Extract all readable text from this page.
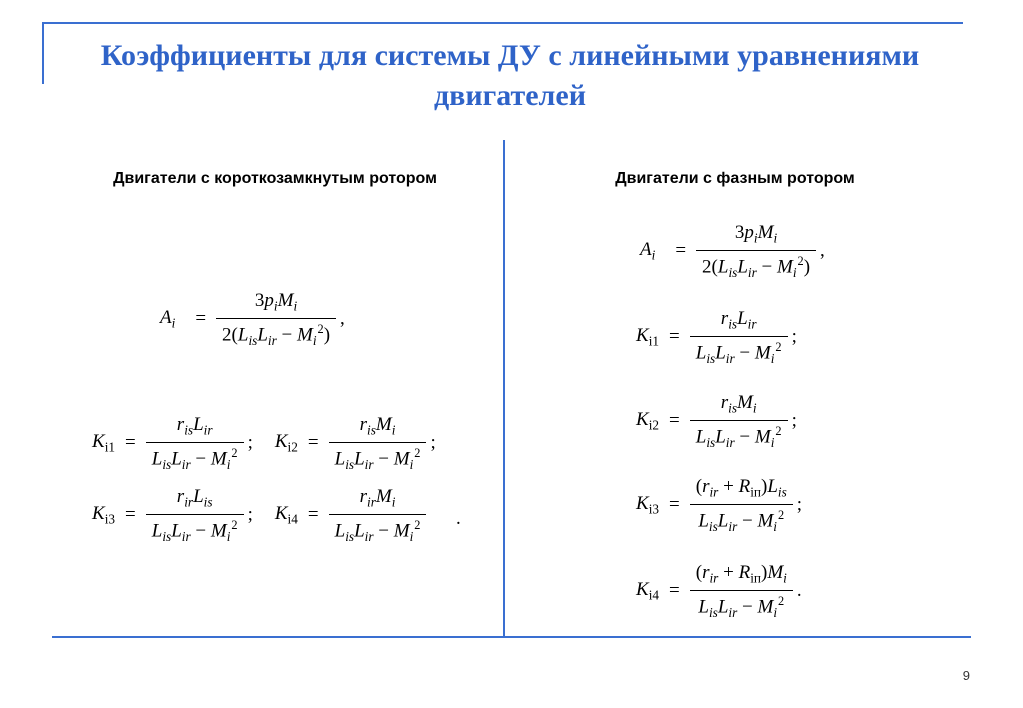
Коэффициенты для системы ДУ с линейными уравнениями двигателей
Двигатели с короткозамкнутым ротором	Двигатели с фазным ротором
$A_i$	= $\frac{3p_iM_i}{2(L_{is}L_{ir} - M_i^2)}$ ,
$K_{i1} = \frac{r_{is}L_{ir}}{L_{is}L_{ir} - M_i^2}$ ; $K_{i2} = \frac{r_{is}M_i}{L_{is}L_{ir} - M_i^2}$ ;
$K_{i3} = \frac{r_{ir}L_{is}}{L_{is}L_{ir} - M_i^2}$ ; $K_{i4} = \frac{r_{ir}M_i}{L_{is}L_{ir} - M_i^2}$ .
$A_i$	= $\frac{3p_iM_i}{2(L_{is}L_{ir} - M_i^2)}$ ,
$K_{i1} = \frac{r_{is}L_{ir}}{L_{is}L_{ir} - M_i^2}$ ;
$K_{i2} = \frac{r_{is}M_i}{L_{is}L_{ir} - M_i^2}$ ;
$K_{i3} = \frac{(r_{ir} + R_{iп})L_{is}}{L_{is}L_{ir} - M_i^2}$ ;
$K_{i4} = \frac{(r_{ir} + R_{iп})M_i}{L_{is}L_{ir} - M_i^2}$ .
9
